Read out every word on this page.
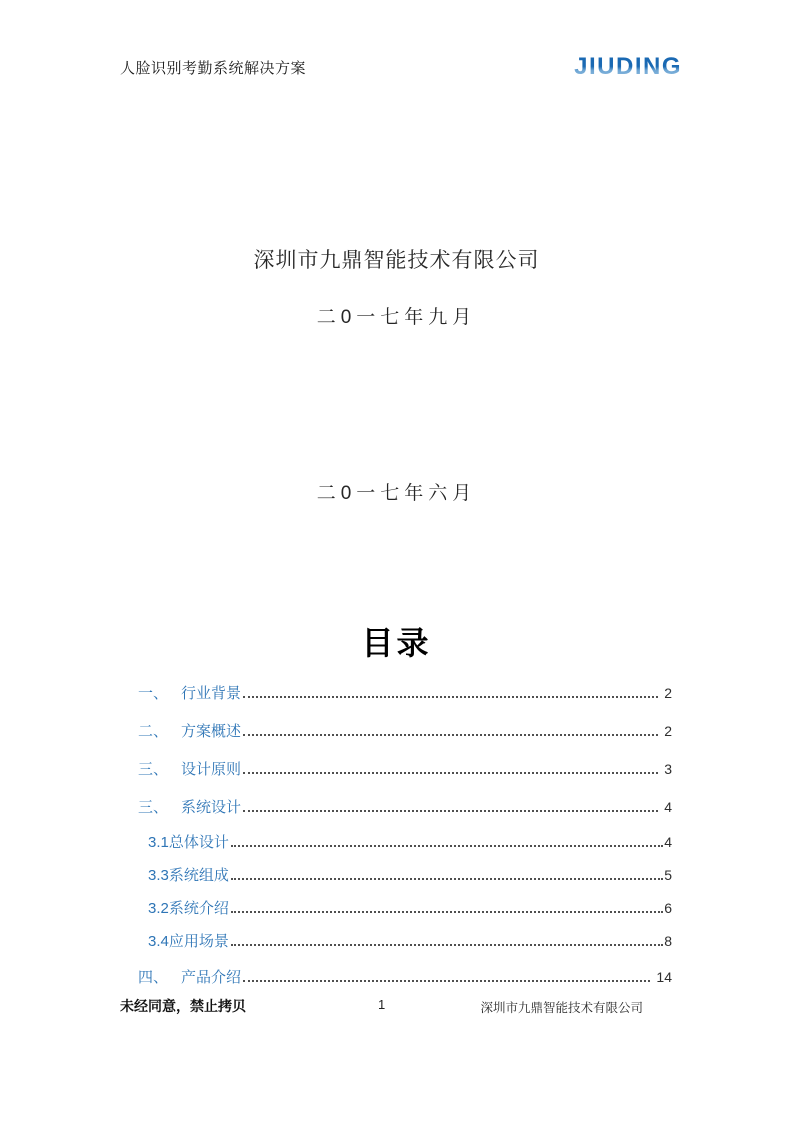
人脸识别考勤系统解决方案	JIUDING
深圳市九鼎智能技术有限公司
二0一七年九月
二0一七年六月
目录
一、 行业背景	2
二、 方案概述	2
三、 设计原则	3
三、 系统设计	4
3.1总体设计	4
3.3系统组成	5
3.2系统介绍	6
3.4应用场景	8
四、 产品介绍	14
未经同意，禁止拷贝	1	深圳市九鼎智能技术有限公司
